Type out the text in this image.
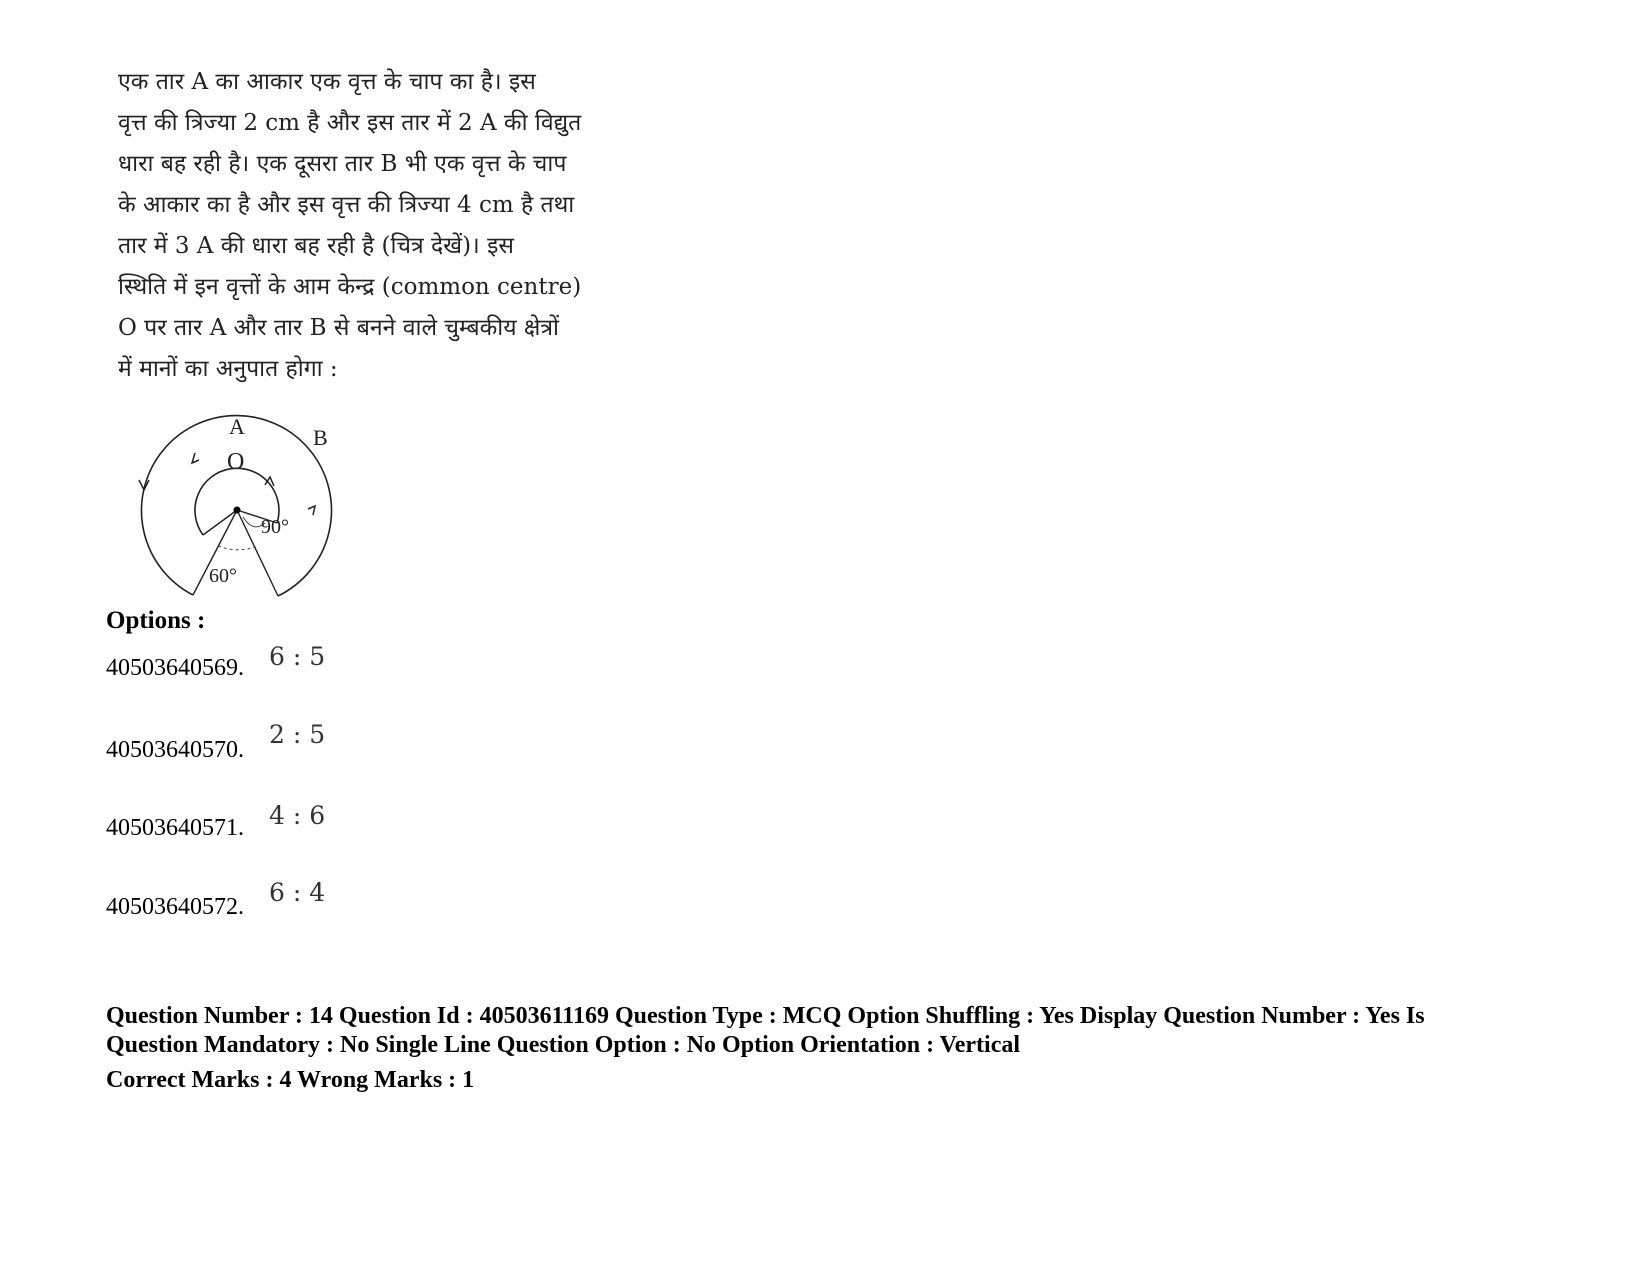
एक तार A का आकार एक वृत्त के चाप का है। इस
वृत्त की त्रिज्या 2 cm है और इस तार में 2 A की विद्युत
धारा बह रही है। एक दूसरा तार B भी एक वृत्त के चाप
के आकार का है और इस वृत्त की त्रिज्या 4 cm है तथा
तार में 3 A की धारा बह रही है (चित्र देखें)। इस
स्थिति में इन वृत्तों के आम केन्द्र (common centre)
O पर तार A और तार B से बनने वाले चुम्बकीय क्षेत्रों
में मानों का अनुपात होगा :
A	B
O
90°
60°
Options :
40503640569. 6 : 5
40503640570.
2 : 5
40503640571. 4 : 6
40503640572. 6 : 4
Question Number : 14 Question Id : 40503611169 Question Type : MCQ Option Shuffling : Yes Display Question Number : Yes Is
Question Mandatory : No Single Line Question Option : No Option Orientation : Vertical
Correct Marks : 4 Wrong Marks : 1
